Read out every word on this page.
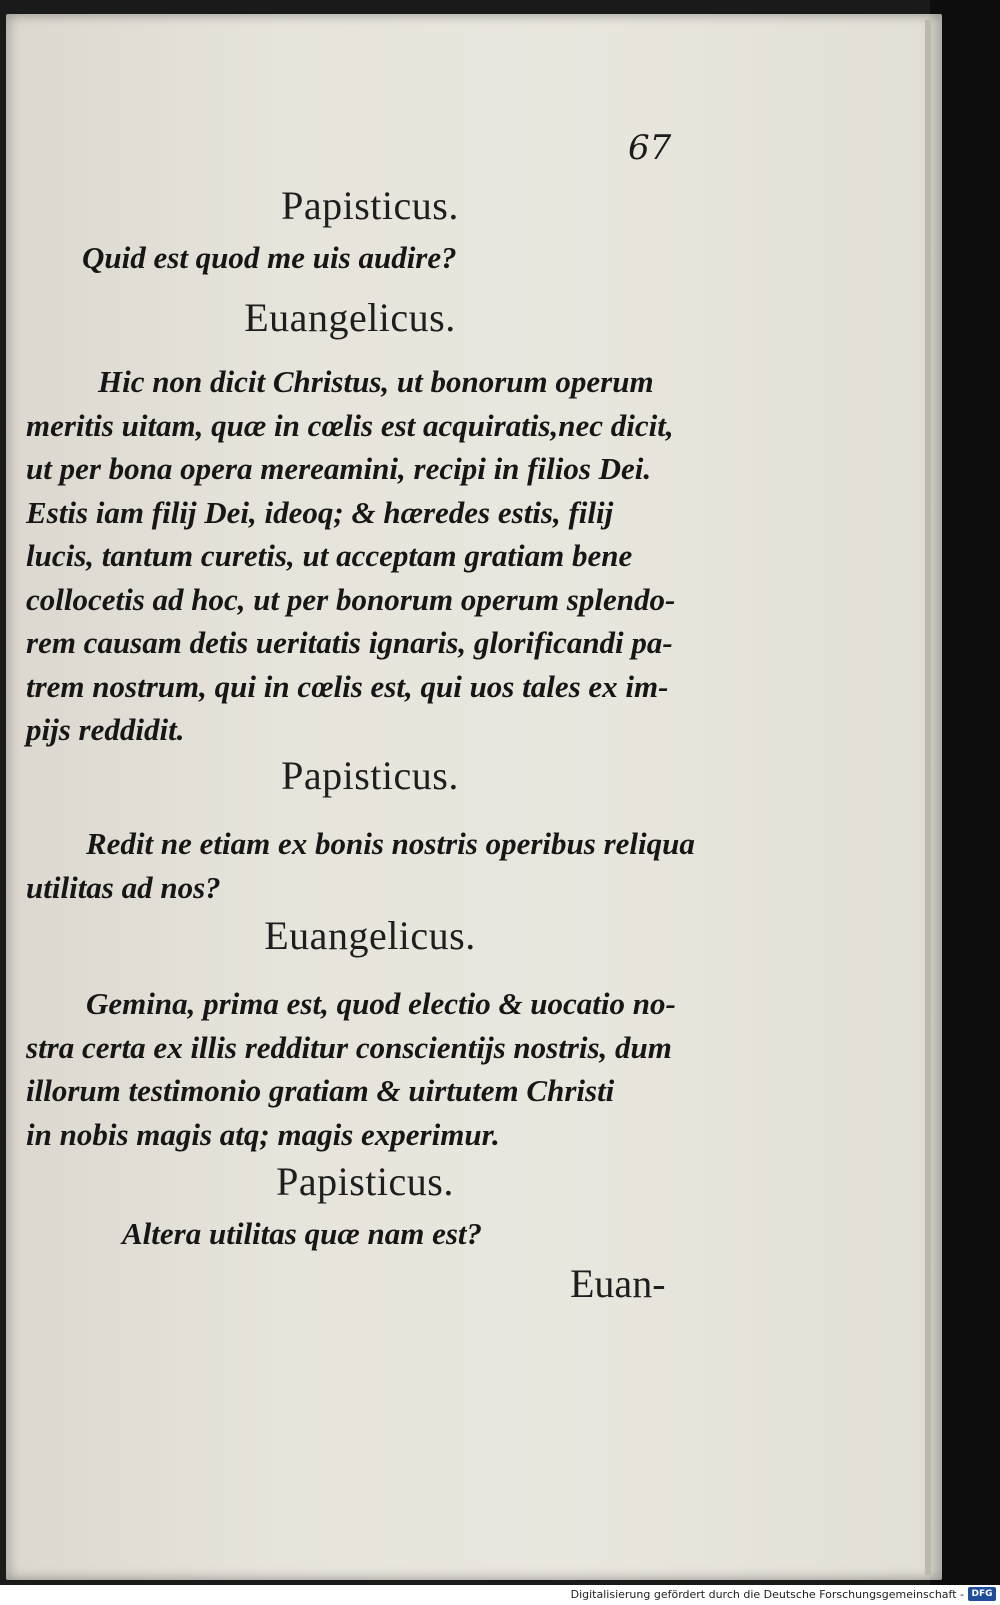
67
Papisticus.
Quid est quod me uis audire?
Euangelicus.
Hic non dicit Christus, ut bonorum operum
meritis uitam, quæ in cœlis est acquiratis,nec dicit,
ut per bona opera mereamini, recipi in filios Dei.
Estis iam filij Dei, ideoq; & hæredes estis, filij
lucis, tantum curetis, ut acceptam gratiam bene
collocetis ad hoc, ut per bonorum operum splendo-
rem causam detis ueritatis ignaris, glorificandi pa-
trem nostrum, qui in cœlis est, qui uos tales ex im-
pijs reddidit.
Papisticus.
Redit ne etiam ex bonis nostris operibus reliqua
utilitas ad nos?
Euangelicus.
Gemina, prima est, quod electio & uocatio no-
stra certa ex illis redditur conscientijs nostris, dum
illorum testimonio gratiam & uirtutem Christi
in nobis magis atq; magis experimur.
Papisticus.
Altera utilitas quæ nam est?
Euan-
Digitalisierung gefördert durch die Deutsche Forschungsgemeinschaft - DFG
